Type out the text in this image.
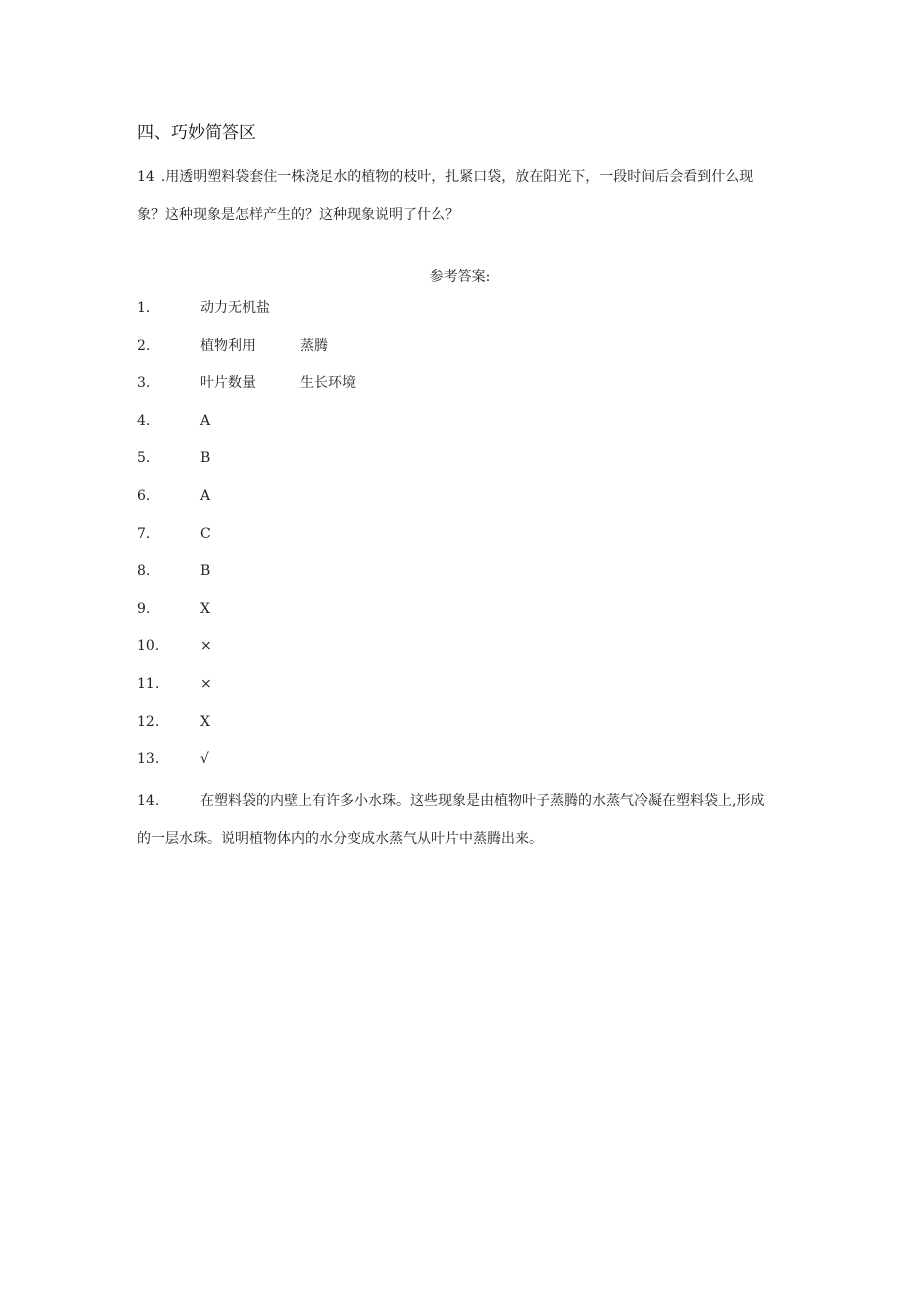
四、巧妙简答区

14 .用透明塑料袋套住一株浇足水的植物的枝叶，扎紧口袋，放在阳光下，一段时间后会看到什么现象？这种现象是怎样产生的？这种现象说明了什么？

参考答案:

1.	动力无机盐
2.	植物利用	蒸腾
3.	叶片数量	生长环境
4.	A
5.	B
6.	A
7.	C
8.	B
9.	X
10.	×
11.	×
12.	X
13.	√
14.	在塑料袋的内壁上有许多小水珠。这些现象是由植物叶子蒸腾的水蒸气冷凝在塑料袋上,形成的一层水珠。说明植物体内的水分变成水蒸气从叶片中蒸腾出来。
